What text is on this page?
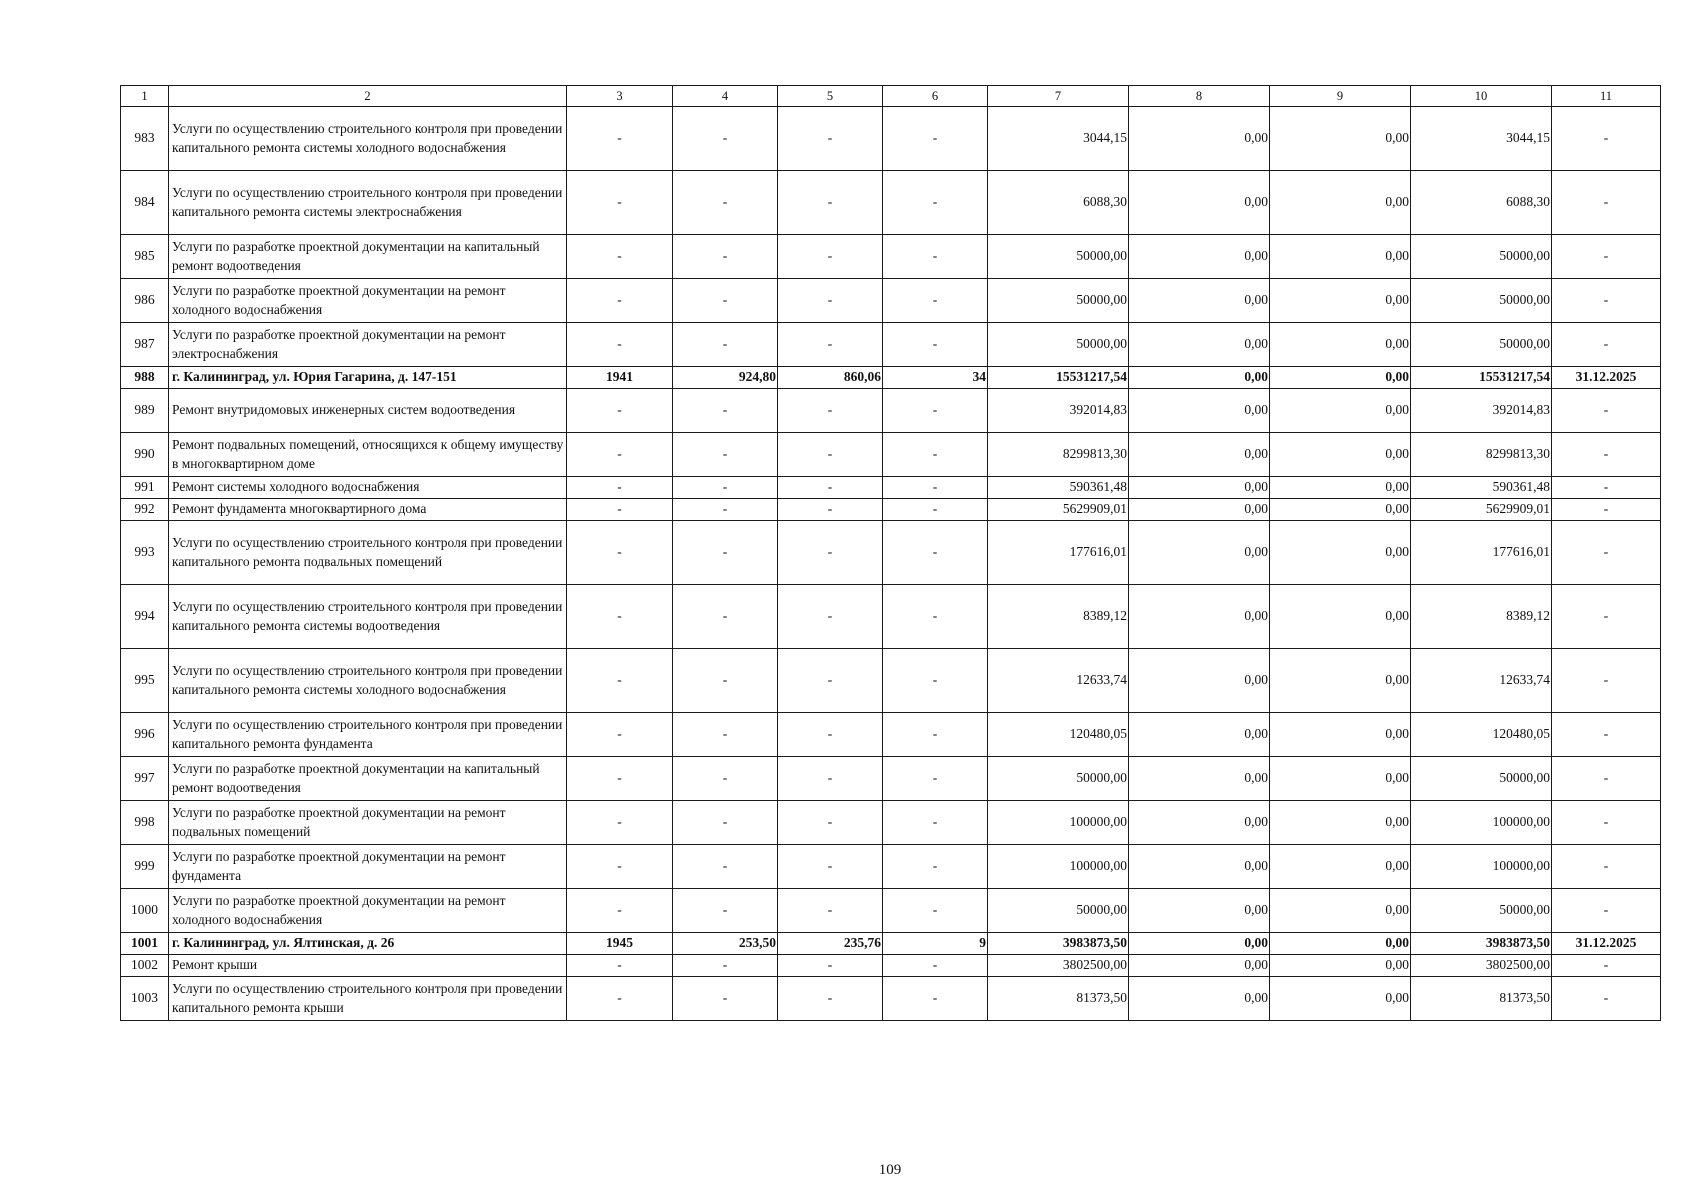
1	2	3	4	5	6	7	8	9	10	11
983	Услуги по осуществлению строительного контроля при проведении капитального ремонта системы холодного водоснабжения	-	-	-	-	3044,15	0,00	0,00	3044,15	-
984	Услуги по осуществлению строительного контроля при проведении капитального ремонта системы электроснабжения	-	-	-	-	6088,30	0,00	0,00	6088,30	-
985	Услуги по разработке проектной документации на капитальный ремонт водоотведения	-	-	-	-	50000,00	0,00	0,00	50000,00	-
986	Услуги по разработке проектной документации на ремонт холодного водоснабжения	-	-	-	-	50000,00	0,00	0,00	50000,00	-
987	Услуги по разработке проектной документации на ремонт электроснабжения	-	-	-	-	50000,00	0,00	0,00	50000,00	-
988	г. Калининград, ул. Юрия Гагарина, д. 147-151	1941	924,80	860,06	34	15531217,54	0,00	0,00	15531217,54	31.12.2025
989	Ремонт внутридомовых инженерных систем водоотведения	-	-	-	-	392014,83	0,00	0,00	392014,83	-
990	Ремонт подвальных помещений, относящихся к общему имуществу в многоквартирном доме	-	-	-	-	8299813,30	0,00	0,00	8299813,30	-
991	Ремонт системы холодного водоснабжения	-	-	-	-	590361,48	0,00	0,00	590361,48	-
992	Ремонт фундамента многоквартирного дома	-	-	-	-	5629909,01	0,00	0,00	5629909,01	-
993	Услуги по осуществлению строительного контроля при проведении капитального ремонта подвальных помещений	-	-	-	-	177616,01	0,00	0,00	177616,01	-
994	Услуги по осуществлению строительного контроля при проведении капитального ремонта системы водоотведения	-	-	-	-	8389,12	0,00	0,00	8389,12	-
995	Услуги по осуществлению строительного контроля при проведении капитального ремонта системы холодного водоснабжения	-	-	-	-	12633,74	0,00	0,00	12633,74	-
996	Услуги по осуществлению строительного контроля при проведении капитального ремонта фундамента	-	-	-	-	120480,05	0,00	0,00	120480,05	-
997	Услуги по разработке проектной документации на капитальный ремонт водоотведения	-	-	-	-	50000,00	0,00	0,00	50000,00	-
998	Услуги по разработке проектной документации на ремонт подвальных помещений	-	-	-	-	100000,00	0,00	0,00	100000,00	-
999	Услуги по разработке проектной документации на ремонт фундамента	-	-	-	-	100000,00	0,00	0,00	100000,00	-
1000	Услуги по разработке проектной документации на ремонт холодного водоснабжения	-	-	-	-	50000,00	0,00	0,00	50000,00	-
1001	г. Калининград, ул. Ялтинская, д. 26	1945	253,50	235,76	9	3983873,50	0,00	0,00	3983873,50	31.12.2025
1002	Ремонт крыши	-	-	-	-	3802500,00	0,00	0,00	3802500,00	-
1003	Услуги по осуществлению строительного контроля при проведении капитального ремонта крыши	-	-	-	-	81373,50	0,00	0,00	81373,50	-
109
